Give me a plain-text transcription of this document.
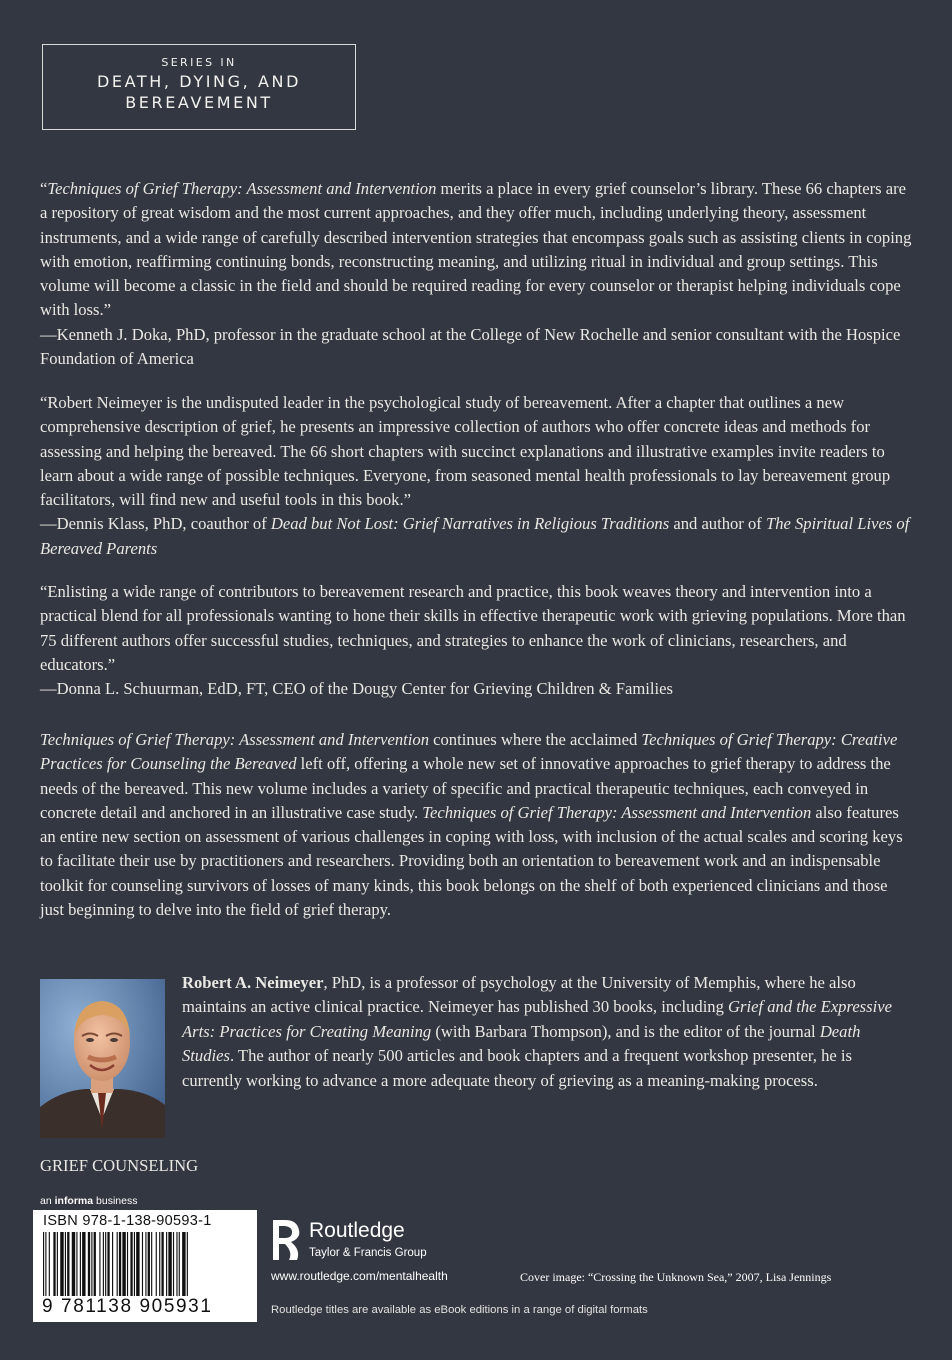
SERIES IN
DEATH, DYING, AND
BEREAVEMENT

“Techniques of Grief Therapy: Assessment and Intervention merits a place in every grief counselor’s library. These 66 chapters are a repository of great wisdom and the most current approaches, and they offer much, including underlying theory, assessment instruments, and a wide range of carefully described intervention strategies that encompass goals such as assisting clients in coping with emotion, reaffirming continuing bonds, reconstructing meaning, and utilizing ritual in individual and group settings. This volume will become a classic in the field and should be required reading for every counselor or therapist helping individuals cope with loss.”

—Kenneth J. Doka, PhD, professor in the graduate school at the College of New Rochelle and senior consultant with the Hospice Foundation of America

“Robert Neimeyer is the undisputed leader in the psychological study of bereavement. After a chapter that outlines a new comprehensive description of grief, he presents an impressive collection of authors who offer concrete ideas and methods for assessing and helping the bereaved. The 66 short chapters with succinct explanations and illustrative examples invite readers to learn about a wide range of possible techniques. Everyone, from seasoned mental health professionals to lay bereavement group facilitators, will find new and useful tools in this book.”

—Dennis Klass, PhD, coauthor of Dead but Not Lost: Grief Narratives in Religious Traditions and author of The Spiritual Lives of Bereaved Parents

“Enlisting a wide range of contributors to bereavement research and practice, this book weaves theory and intervention into a practical blend for all professionals wanting to hone their skills in effective therapeutic work with grieving populations. More than 75 different authors offer successful studies, techniques, and strategies to enhance the work of clinicians, researchers, and educators.”

—Donna L. Schuurman, EdD, FT, CEO of the Dougy Center for Grieving Children & Families

Techniques of Grief Therapy: Assessment and Intervention continues where the acclaimed Techniques of Grief Therapy: Creative Practices for Counseling the Bereaved left off, offering a whole new set of innovative approaches to grief therapy to address the needs of the bereaved. This new volume includes a variety of specific and practical therapeutic techniques, each conveyed in concrete detail and anchored in an illustrative case study. Techniques of Grief Therapy: Assessment and Intervention also features an entire new section on assessment of various challenges in coping with loss, with inclusion of the actual scales and scoring keys to facilitate their use by practitioners and researchers. Providing both an orientation to bereavement work and an indispensable toolkit for counseling survivors of losses of many kinds, this book belongs on the shelf of both experienced clinicians and those just beginning to delve into the field of grief therapy.

Robert A. Neimeyer, PhD, is a professor of psychology at the University of Memphis, where he also maintains an active clinical practice. Neimeyer has published 30 books, including Grief and the Expressive Arts: Practices for Creating Meaning (with Barbara Thompson), and is the editor of the journal Death Studies. The author of nearly 500 articles and book chapters and a frequent workshop presenter, he is currently working to advance a more adequate theory of grieving as a meaning-making process.

GRIEF COUNSELING
an informa business
ISBN 978-1-138-90593-1
9 781138 905931
Routledge
Taylor & Francis Group
www.routledge.com/mentalhealth	Cover image: “Crossing the Unknown Sea,” 2007, Lisa Jennings
Routledge titles are available as eBook editions in a range of digital formats
